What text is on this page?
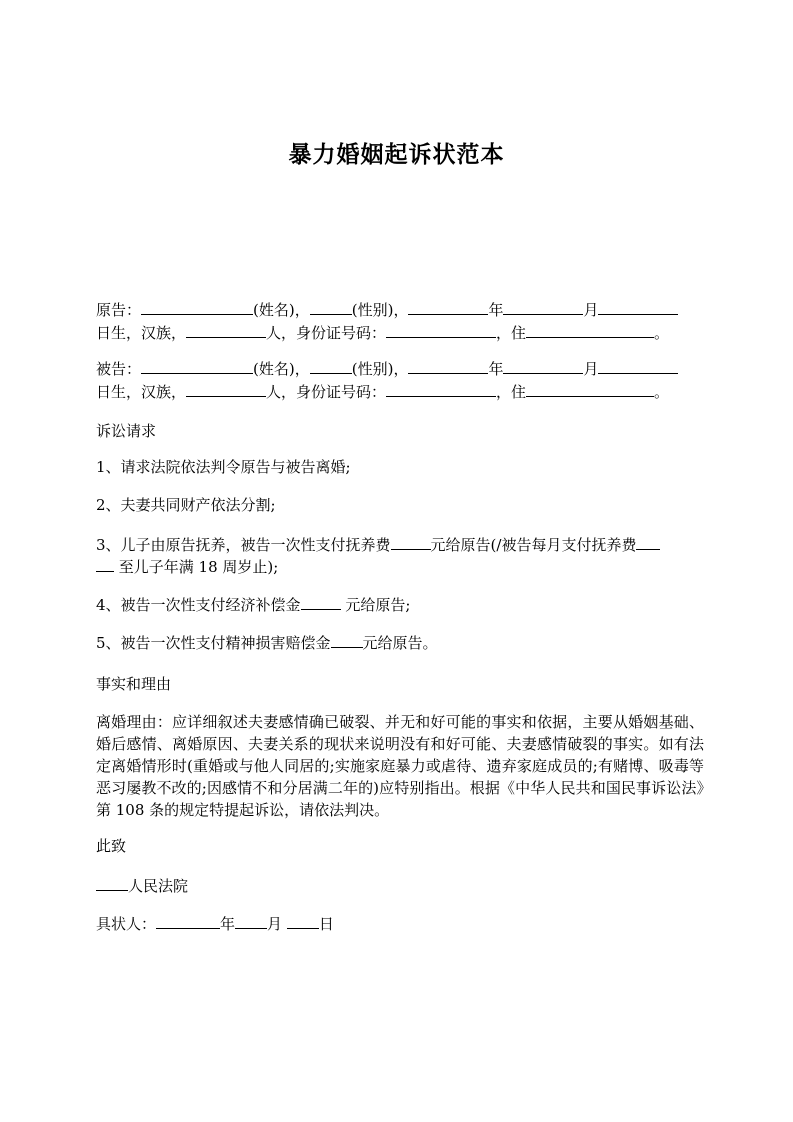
暴力婚姻起诉状范本
原告：	(姓名)，	(性别)，	年	月
日生，汉族，	人，身份证号码：	，住	。
被告：	(姓名)，	(性别)，	年	月
日生，汉族，	人，身份证号码：	，住	。
诉讼请求
1、请求法院依法判令原告与被告离婚;
2、夫妻共同财产依法分割;
3、儿子由原告抚养，被告一次性支付抚养费	元给原告(/被告每月支付抚养费
至儿子年满 18 周岁止);
4、被告一次性支付经济补偿金	元给原告;
5、被告一次性支付精神损害赔偿金 元给原告。
事实和理由
离婚理由：应详细叙述夫妻感情确已破裂、并无和好可能的事实和依据，主要从婚姻基础、婚后感情、离婚原因、夫妻关系的现状来说明没有和好可能、夫妻感情破裂的事实。如有法定离婚情形时(重婚或与他人同居的;实施家庭暴力或虐待、遗弃家庭成员的;有赌博、吸毒等恶习屡教不改的;因感情不和分居满二年的)应特别指出。根据《中华人民共和国民事诉讼法》第 108 条的规定特提起诉讼，请依法判决。
此致
人民法院
具状人：	年 月 日
